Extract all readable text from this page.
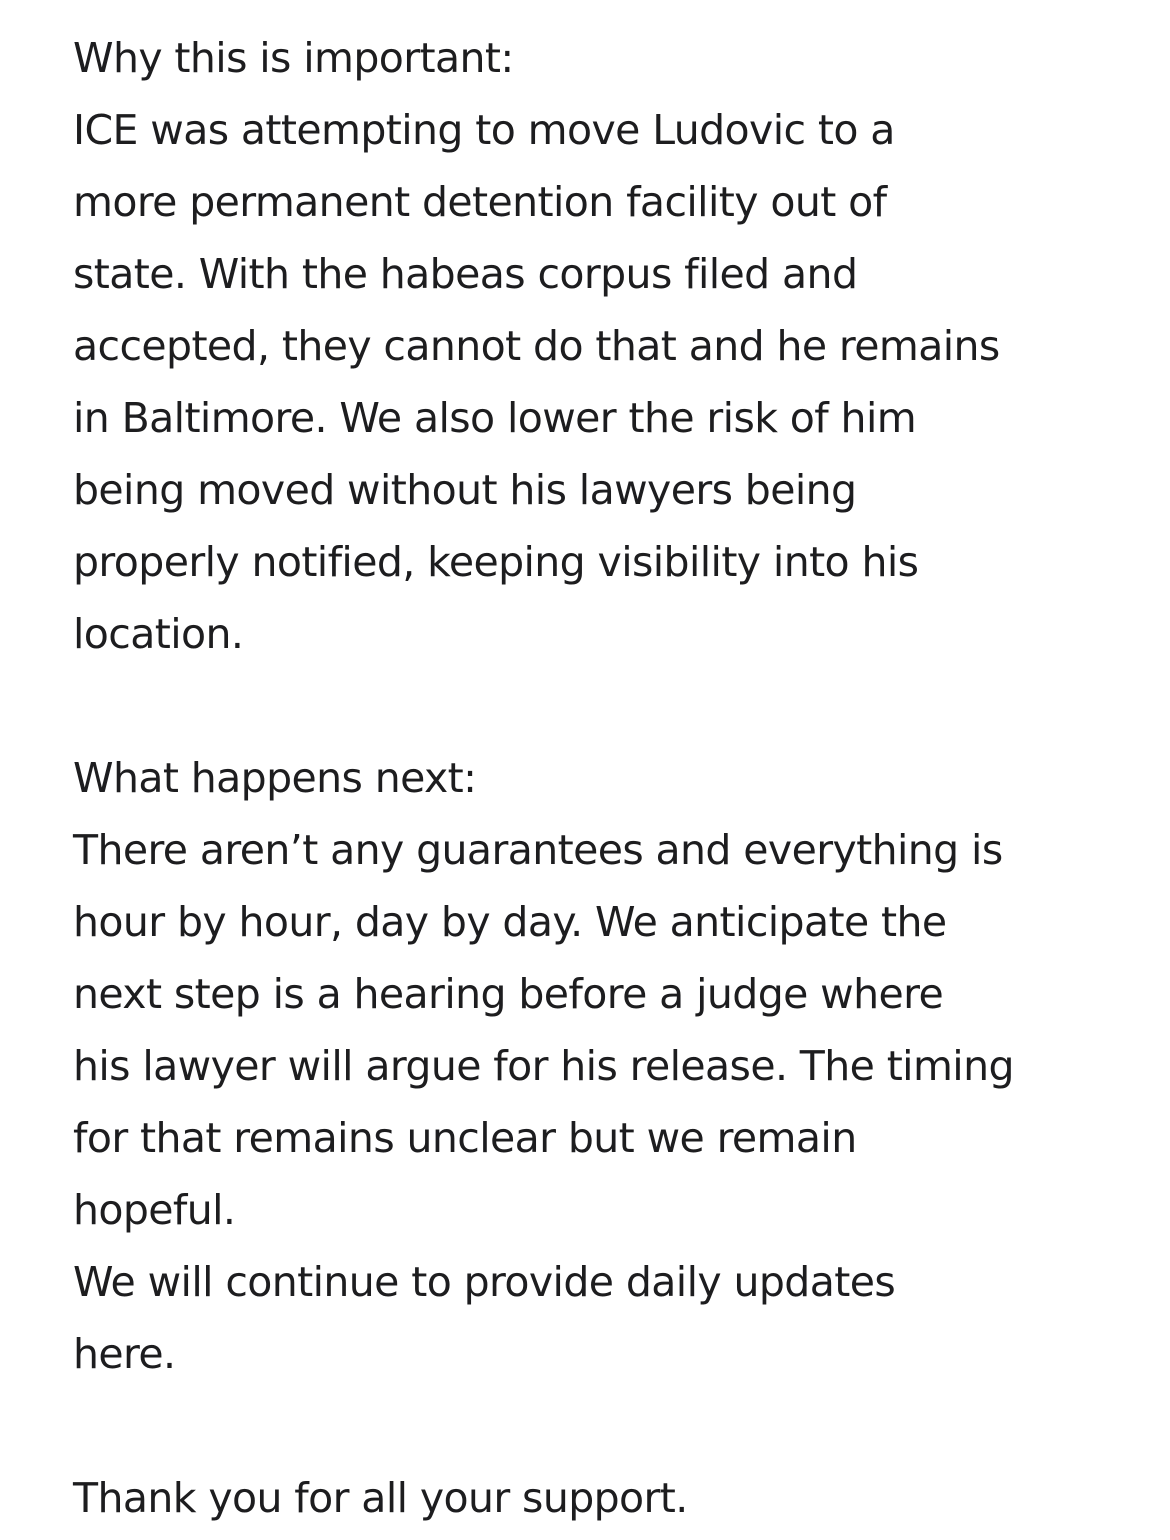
Why this is important:
ICE was attempting to move Ludovic to a
more permanent detention facility out of
state. With the habeas corpus filed and
accepted, they cannot do that and he remains
in Baltimore. We also lower the risk of him
being moved without his lawyers being
properly notified, keeping visibility into his
location.
What happens next:
There aren’t any guarantees and everything is
hour by hour, day by day. We anticipate the
next step is a hearing before a judge where
his lawyer will argue for his release. The timing
for that remains unclear but we remain
hopeful.
We will continue to provide daily updates
here.
Thank you for all your support.
